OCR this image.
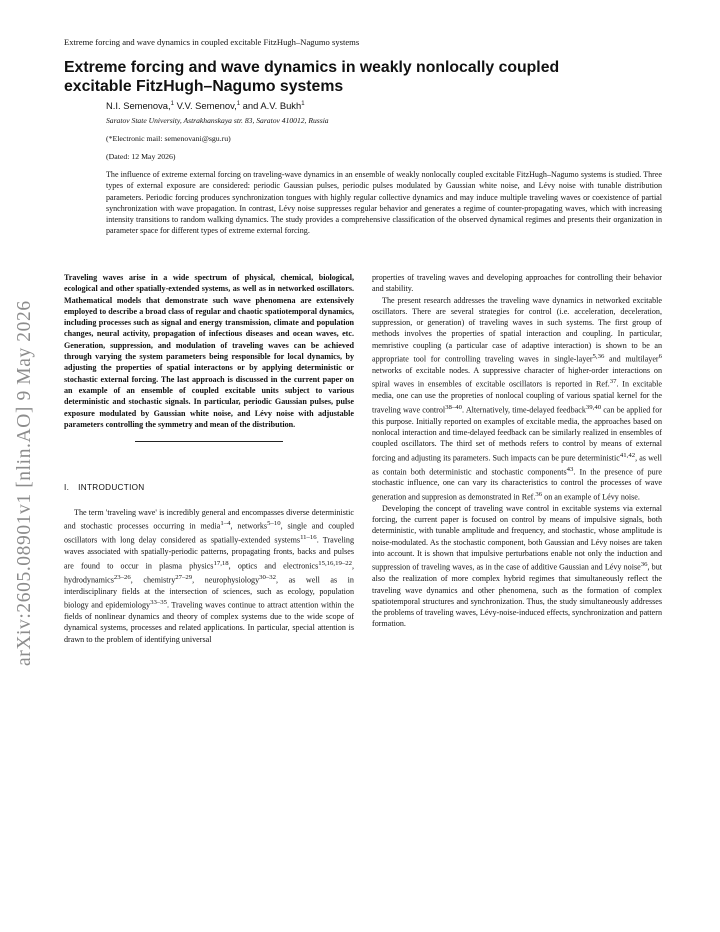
Extreme forcing and wave dynamics in coupled excitable FitzHugh–Nagumo systems
Extreme forcing and wave dynamics in weakly nonlocally coupled excitable FitzHugh–Nagumo systems
N.I. Semenova,$^1$ V.V. Semenov,$^1$ and A.V. Bukh$^1$
Saratov State University, Astrakhanskaya str. 83, Saratov 410012, Russia
(*Electronic mail: semenovani@sgu.ru)
(Dated: 12 May 2026)

The influence of extreme external forcing on traveling-wave dynamics in an ensemble of weakly nonlocally coupled excitable FitzHugh–Nagumo systems is studied. Three types of external exposure are considered: periodic Gaussian pulses, periodic pulses modulated by Gaussian white noise, and Lévy noise with tunable distribution parameters. Periodic forcing produces synchronization tongues with highly regular collective dynamics and may induce multiple traveling waves or coexistence of partial synchronization with wave propagation. In contrast, Lévy noise suppresses regular behavior and generates a regime of counter-propagating waves, which with increasing intensity transitions to random walking dynamics. The study provides a comprehensive classification of the observed dynamical regimes and presents their organization in parameter space for different types of extreme external forcing.

arXiv:2605.08901v1 [nlin.AO] 9 May 2026

Traveling waves arise in a wide spectrum of physical, chemical, biological, ecological and other spatially-extended systems, as well as in networked oscillators. Mathematical models that demonstrate such wave phenomena are extensively employed to describe a broad class of regular and chaotic spatiotemporal dynamics, including processes such as signal and energy transmission, climate and population changes, neural activity, propagation of infectious diseases and ocean waves, etc. Generation, suppression, and modulation of traveling waves can be achieved through varying the system parameters being responsible for local dynamics, by adjusting the properties of spatial interactons or by applying deterministic or stochastic external forcing. The last approach is discussed in the current paper on an example of an ensemble of coupled excitable units subject to various deterministic and stochastic signals. In particular, periodic Gaussian pulses, pulse exposure modulated by Gaussian white noise, and Lévy noise with adjustable parameters controlling the symmetry and mean of the distribution.

I. INTRODUCTION

The term 'traveling wave' is incredibly general and encompasses diverse deterministic and stochastic processes occurring in media$^{1-4}$, networks$^{5-10}$, single and coupled oscillators with long delay considered as spatially-extended systems$^{11-16}$. Traveling waves associated with spatially-periodic patterns, propagating fronts, backs and pulses are found to occur in plasma physics$^{17,18}$, optics and electronics$^{15,16,19-22}$, hydrodynamics$^{23-26}$, chemistry$^{27-29}$, neurophysiology$^{30-32}$, as well as in interdisciplinary fields at the intersection of sciences, such as ecology, population biology and epidemiology$^{33-35}$. Traveling waves continue to attract attention within the fields of nonlinear dynamics and theory of complex systems due to the wide scope of dynamical systems, processes and related applications. In particular, special attention is drawn to the problem of identifying universal

properties of traveling waves and developing approaches for controlling their behavior and stability.

The present research addresses the traveling wave dynamics in networked excitable oscillators. There are several strategies for control (i.e. acceleration, deceleration, suppression, or generation) of traveling waves in such systems. The first group of methods involves the properties of spatial interaction and coupling. In particular, memristive coupling (a particular case of adaptive interaction) is shown to be an appropriate tool for controlling traveling waves in single-layer$^{5,36}$ and multilayer$^6$ networks of excitable nodes. A suppressive character of higher-order interactions on spiral waves in ensembles of excitable oscillators is reported in Ref.$^{37}$. In excitable media, one can use the propreties of nonlocal coupling of various spatial kernel for the traveling wave control$^{38-40}$. Alternatively, time-delayed feedback$^{39,40}$ can be applied for this purpose. Initially reported on examples of excitable media, the approaches based on nonlocal interaction and time-delayed feedback can be similarly realized in ensembles of coupled oscillators. The third set of methods refers to control by means of external forcing and adjusting its parameters. Such impacts can be pure deterministic$^{41,42}$, as well as contain both deterministic and stochastic components$^{43}$. In the presence of pure stochastic influence, one can vary its characteristics to control the processes of wave generation and suppresion as demonstrated in Ref.$^{36}$ on an example of Lévy noise.

Developing the concept of traveling wave control in excitable systems via external forcing, the current paper is focused on control by means of impulsive signals, both deterministic, with tunable amplitude and frequency, and stochastic, whose amplitude is noise-modulated. As the stochastic component, both Gaussian and Lévy noises are taken into account. It is shown that impulsive perturbations enable not only the induction and suppression of traveling waves, as in the case of additive Gaussian and Lévy noise$^{36}$, but also the realization of more complex hybrid regimes that simultaneously reflect the traveling wave dynamics and other phenomena, such as the formation of complex spatiotemporal structures and synchronization. Thus, the study simultaneously addresses the problems of traveling waves, Lévy-noise-induced effects, synchronization and pattern formation.
